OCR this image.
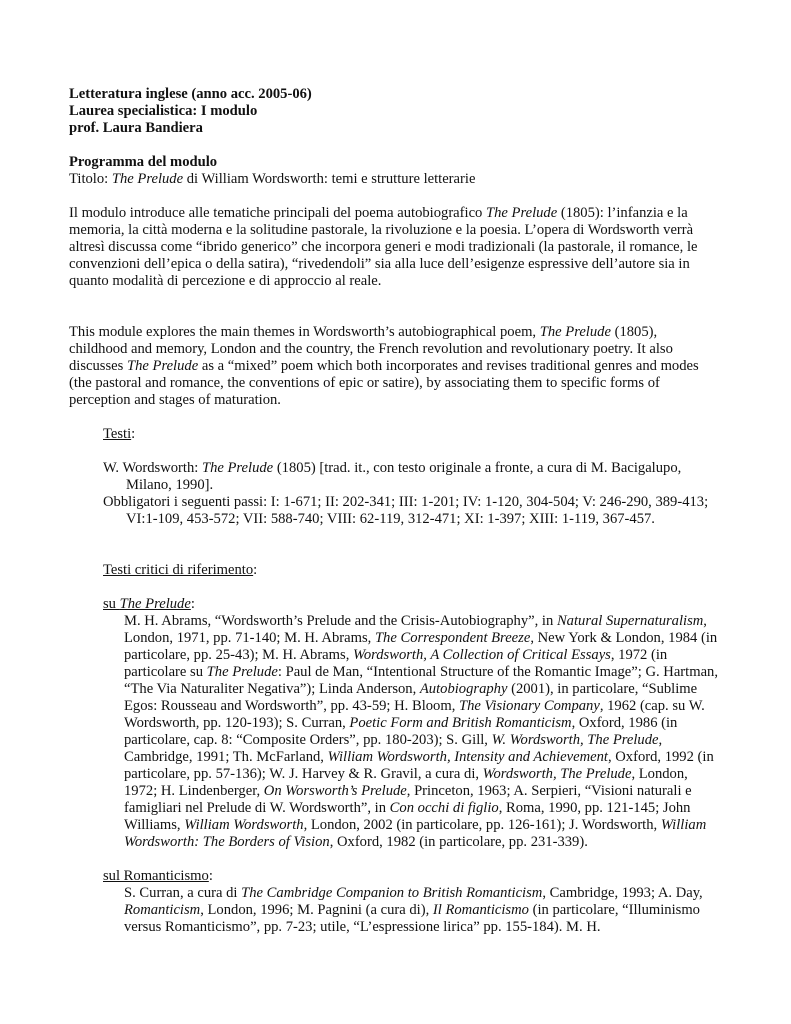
Letteratura inglese (anno acc. 2005-06)

Laurea specialistica: I modulo

prof. Laura Bandiera

Programma del modulo

Titolo: The Prelude di William Wordsworth: temi e strutture letterarie

Il modulo introduce alle tematiche principali del poema autobiografico The Prelude (1805): l’infanzia e la memoria, la città moderna e la solitudine pastorale, la rivoluzione e la poesia. L’opera di Wordsworth verrà altresì discussa come “ibrido generico” che incorpora generi e modi tradizionali (la pastorale, il romance, le convenzioni dell’epica o della satira), “rivedendoli” sia alla luce dell’esigenze espressive dell’autore sia in quanto modalità di percezione e di approccio al reale.

This module explores the main themes in Wordsworth’s autobiographical poem, The Prelude (1805), childhood and memory, London and the country, the French revolution and revolutionary poetry. It also discusses The Prelude as a “mixed” poem which both incorporates and revises traditional genres and modes (the pastoral and romance, the conventions of epic or satire), by associating them to specific forms of perception and stages of maturation.

Testi:

W. Wordsworth: The Prelude (1805) [trad. it., con testo originale a fronte, a cura di M. Bacigalupo, Milano, 1990].

Obbligatori i seguenti passi: I: 1-671; II: 202-341; III: 1-201; IV: 1-120, 304-504; V: 246-290, 389-413; VI:1-109, 453-572; VII: 588-740; VIII: 62-119, 312-471; XI: 1-397; XIII: 1-119, 367-457.

Testi critici di riferimento:

su The Prelude:

M. H. Abrams, “Wordsworth’s Prelude and the Crisis-Autobiography”, in Natural Supernaturalism, London, 1971, pp. 71-140; M. H. Abrams, The Correspondent Breeze, New York & London, 1984 (in particolare, pp. 25-43); M. H. Abrams, Wordsworth, A Collection of Critical Essays, 1972 (in particolare su The Prelude: Paul de Man, “Intentional Structure of the Romantic Image”; G. Hartman, “The Via Naturaliter Negativa”); Linda Anderson, Autobiography (2001), in particolare, “Sublime Egos: Rousseau and Wordsworth”, pp. 43-59; H. Bloom, The Visionary Company, 1962 (cap. su W. Wordsworth, pp. 120-193); S. Curran, Poetic Form and British Romanticism, Oxford, 1986 (in particolare, cap. 8: “Composite Orders”, pp. 180-203); S. Gill, W. Wordsworth, The Prelude, Cambridge, 1991; Th. McFarland, William Wordsworth, Intensity and Achievement, Oxford, 1992 (in particolare, pp. 57-136); W. J. Harvey & R. Gravil, a cura di, Wordsworth, The Prelude, London, 1972; H. Lindenberger, On Worsworth’s Prelude, Princeton, 1963; A. Serpieri, “Visioni naturali e famigliari nel Prelude di W. Wordsworth”, in Con occhi di figlio, Roma, 1990, pp. 121-145; John Williams, William Wordsworth, London, 2002 (in particolare, pp. 126-161); J. Wordsworth, William Wordsworth: The Borders of Vision, Oxford, 1982 (in particolare, pp. 231-339).

sul Romanticismo:

S. Curran, a cura di The Cambridge Companion to British Romanticism, Cambridge, 1993; A. Day, Romanticism, London, 1996; M. Pagnini (a cura di), Il Romanticismo (in particolare, “Illuminismo versus Romanticismo”, pp. 7-23; utile, “L’espressione lirica” pp. 155-184). M. H.
